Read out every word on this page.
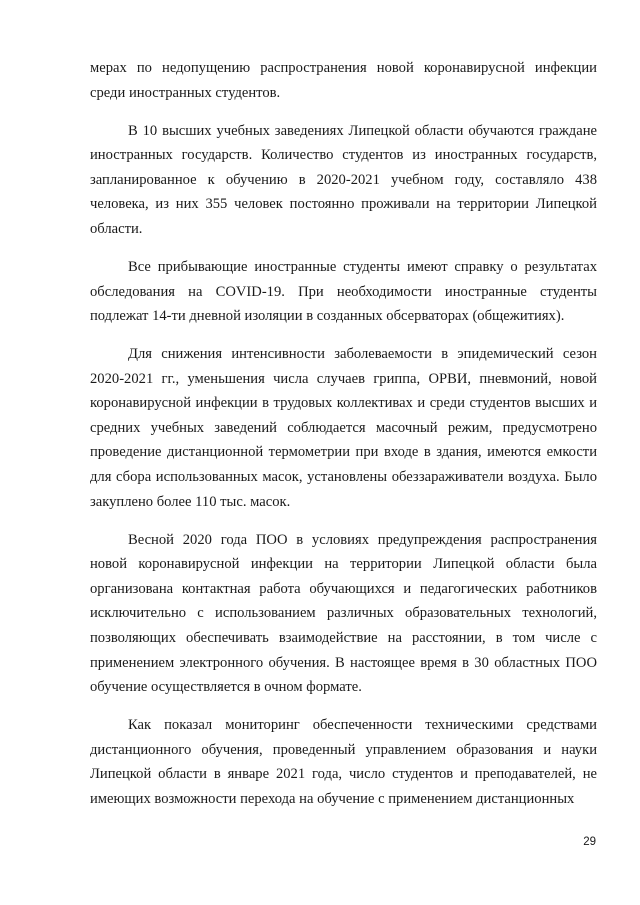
мерах по недопущению распространения новой коронавирусной инфекции среди иностранных студентов.

В 10 высших учебных заведениях Липецкой области обучаются граждане иностранных государств. Количество студентов из иностранных государств, запланированное к обучению в 2020-2021 учебном году, составляло 438 человека, из них 355 человек постоянно проживали на территории Липецкой области.

Все прибывающие иностранные студенты имеют справку о результатах обследования на COVID-19. При необходимости иностранные студенты подлежат 14-ти дневной изоляции в созданных обсерваторах (общежитиях).

Для снижения интенсивности заболеваемости в эпидемический сезон 2020-2021 гг., уменьшения числа случаев гриппа, ОРВИ, пневмоний, новой коронавирусной инфекции в трудовых коллективах и среди студентов высших и средних учебных заведений соблюдается масочный режим, предусмотрено проведение дистанционной термометрии при входе в здания, имеются емкости для сбора использованных масок, установлены обеззараживатели воздуха. Было закуплено более 110 тыс. масок.

Весной 2020 года ПОО в условиях предупреждения распространения новой коронавирусной инфекции на территории Липецкой области была организована контактная работа обучающихся и педагогических работников исключительно с использованием различных образовательных технологий, позволяющих обеспечивать взаимодействие на расстоянии, в том числе с применением электронного обучения. В настоящее время в 30 областных ПОО обучение осуществляется в очном формате.

Как показал мониторинг обеспеченности техническими средствами дистанционного обучения, проведенный управлением образования и науки Липецкой области в январе 2021 года, число студентов и преподавателей, не имеющих возможности перехода на обучение с применением дистанционных

29
